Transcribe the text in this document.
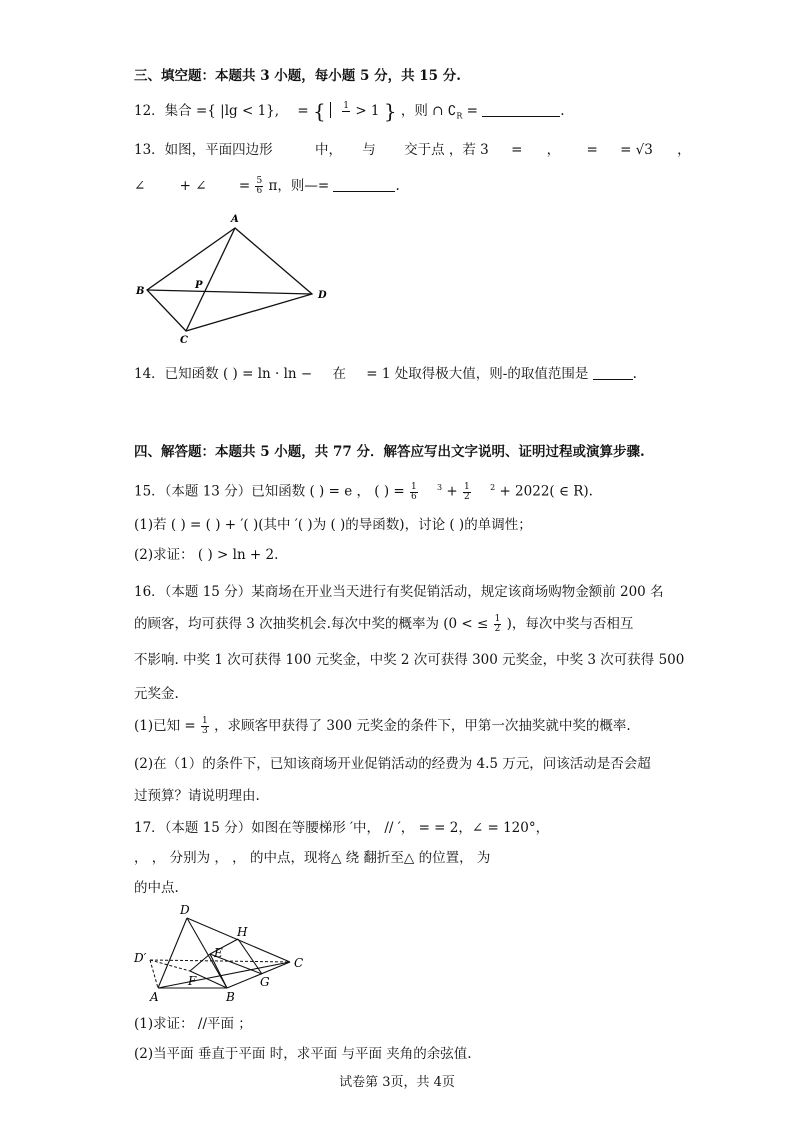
三、填空题：本题共 3 小题，每小题 5 分，共 15 分.
12．集合 ={ |lg < 1}, = { 1 > 1 } ，则 ∩ $∁_R$ =	.
13．如图，平面四边形	中， 与 交于点 ，若 3 = ， = = √3 ，
∠	+ ∠ = $\frac{5}{6}$ π，则—=	.
A
B
C
D
P
14．已知函数 ( ) = ln · ln − 在 = 1 处取得极大值，则-的取值范围是	.
四、解答题：本题共 5 小题，共 77 分．解答应写出文字说明、证明过程或演算步骤.
15．（本题 13 分）已知函数 ( ) = e ， ( ) = $\frac{1}{6} ^3 + \frac{1}{2} ^2 + 2022$( ∈ R).
(1)若 ( ) = ( ) + ′( )(其中 ′( )为 ( )的导函数)，讨论 ( )的单调性；
(2)求证： ( ) > ln + 2.
16．（本题 15 分）某商场在开业当天进行有奖促销活动，规定该商场购物金额前 200 名
的顾客，均可获得 3 次抽奖机会.每次中奖的概率为 (0 < ≤ $\frac{1}{2}$ )，每次中奖与否相互
不影响. 中奖 1 次可获得 100 元奖金，中奖 2 次可获得 300 元奖金，中奖 3 次可获得 500
元奖金.
(1)已知 = $\frac{1}{3}$ ，求顾客甲获得了 300 元奖金的条件下，甲第一次抽奖就中奖的概率.
(2)在（1）的条件下，已知该商场开业促销活动的经费为 4.5 万元，问该活动是否会超
过预算？请说明理由.
17．（本题 15 分）如图在等腰梯形 ′中， // ′， = = 2，∠ = 120°，
， ， 分别为 ， ， 的中点，现将△ 绕 翻折至△ 的位置， 为
的中点.
D
D′
H
E
C
F	G
A	B
(1)求证： //平面 ；
(2)当平面 垂直于平面 时，求平面 与平面 夹角的余弦值.
试卷第 3页，共 4页
